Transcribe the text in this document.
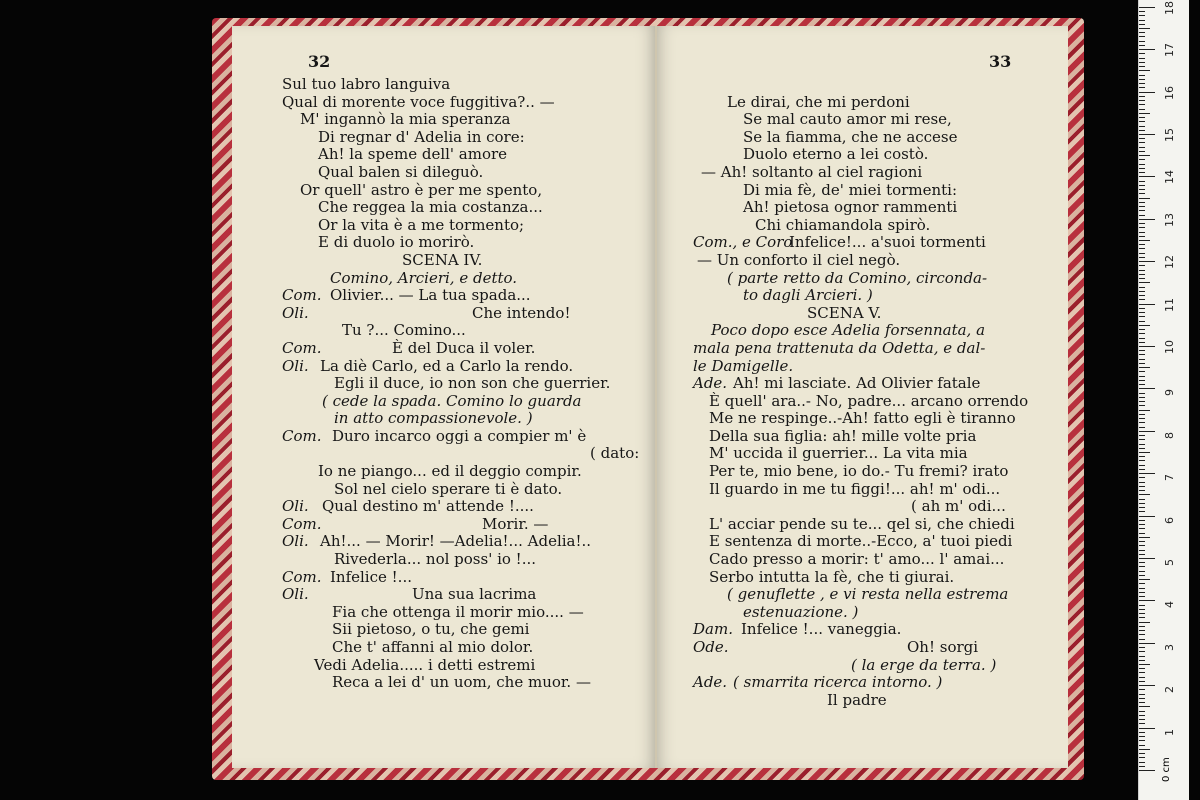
32
Sul tuo labro languiva
Qual di morente voce fuggitiva?.. —
M' ingannò la mia speranza
Di regnar d' Adelia in core:
Ah! la speme dell' amore
Qual balen si dileguò.
Or quell' astro è per me spento,
Che reggea la mia costanza...
Or la vita è a me tormento;
E di duolo io morirò.
SCENA IV.
Comino, Arcieri, e detto.
Com. Olivier... — La tua spada...
Oli.	Che intendo!
Tu ?... Comino...
Com.	È del Duca il voler.
Oli. La diè Carlo, ed a Carlo la rendo.
Egli il duce, io non son che guerrier.
( cede la spada. Comino lo guarda
in atto compassionevole. )
Com. Duro incarco oggi a compier m' è
( dato:
Io ne piango... ed il deggio compir.
Sol nel cielo sperare ti è dato.
Oli. Qual destino m' attende !....
Com.	Morir. —
Oli. Ah!... — Morir! —Adelia!... Adelia!..
Rivederla... nol poss' io !...
Com. Infelice !...
Oli.	Una sua lacrima
Fia che ottenga il morir mio.... —
Sii pietoso, o tu, che gemi
Che t' affanni al mio dolor.
Vedi Adelia..... i detti estremi
Reca a lei d' un uom, che muor. —
33
Le dirai, che mi perdoni
Se mal cauto amor mi rese,
Se la fiamma, che ne accese
Duolo eterno a lei costò.
— Ah! soltanto al ciel ragioni
Di mia fè, de' miei tormenti:
Ah! pietosa ognor rammenti
Chi chiamandola spirò.
Com., e Coro
Infelice!... a'suoi tormenti
— Un conforto il ciel negò.
( parte retto da Comino, circonda-
to dagli Arcieri. )
SCENA V.
Poco dopo esce Adelia forsennata, a
mala pena trattenuta da Odetta, e dal-
le Damigelle.
Ade. Ah! mi lasciate. Ad Olivier fatale
È quell' ara..- No, padre... arcano orrendo
Me ne respinge..-Ah! fatto egli è tiranno
Della sua figlia: ah! mille volte pria
M' uccida il guerrier... La vita mia
Per te, mio bene, io do.- Tu fremi? irato
Il guardo in me tu figgi!... ah! m' odi...
( ah m' odi...
L' acciar pende su te... qel si, che chiedi
E sentenza di morte..-Ecco, a' tuoi piedi
Cado presso a morir: t' amo... l' amai...
Serbo intutta la fè, che ti giurai.
( genuflette , e vi resta nella estrema
estenuazione. )
Dam. Infelice !... vaneggia.
Ode.	Oh! sorgi
( la erge da terra. )
Ade. ( smarrita ricerca intorno. )
Il padre
0 cm
1
2
3
4
5
6
7
8
9
10
11
12
13
14
15
16
17
18
